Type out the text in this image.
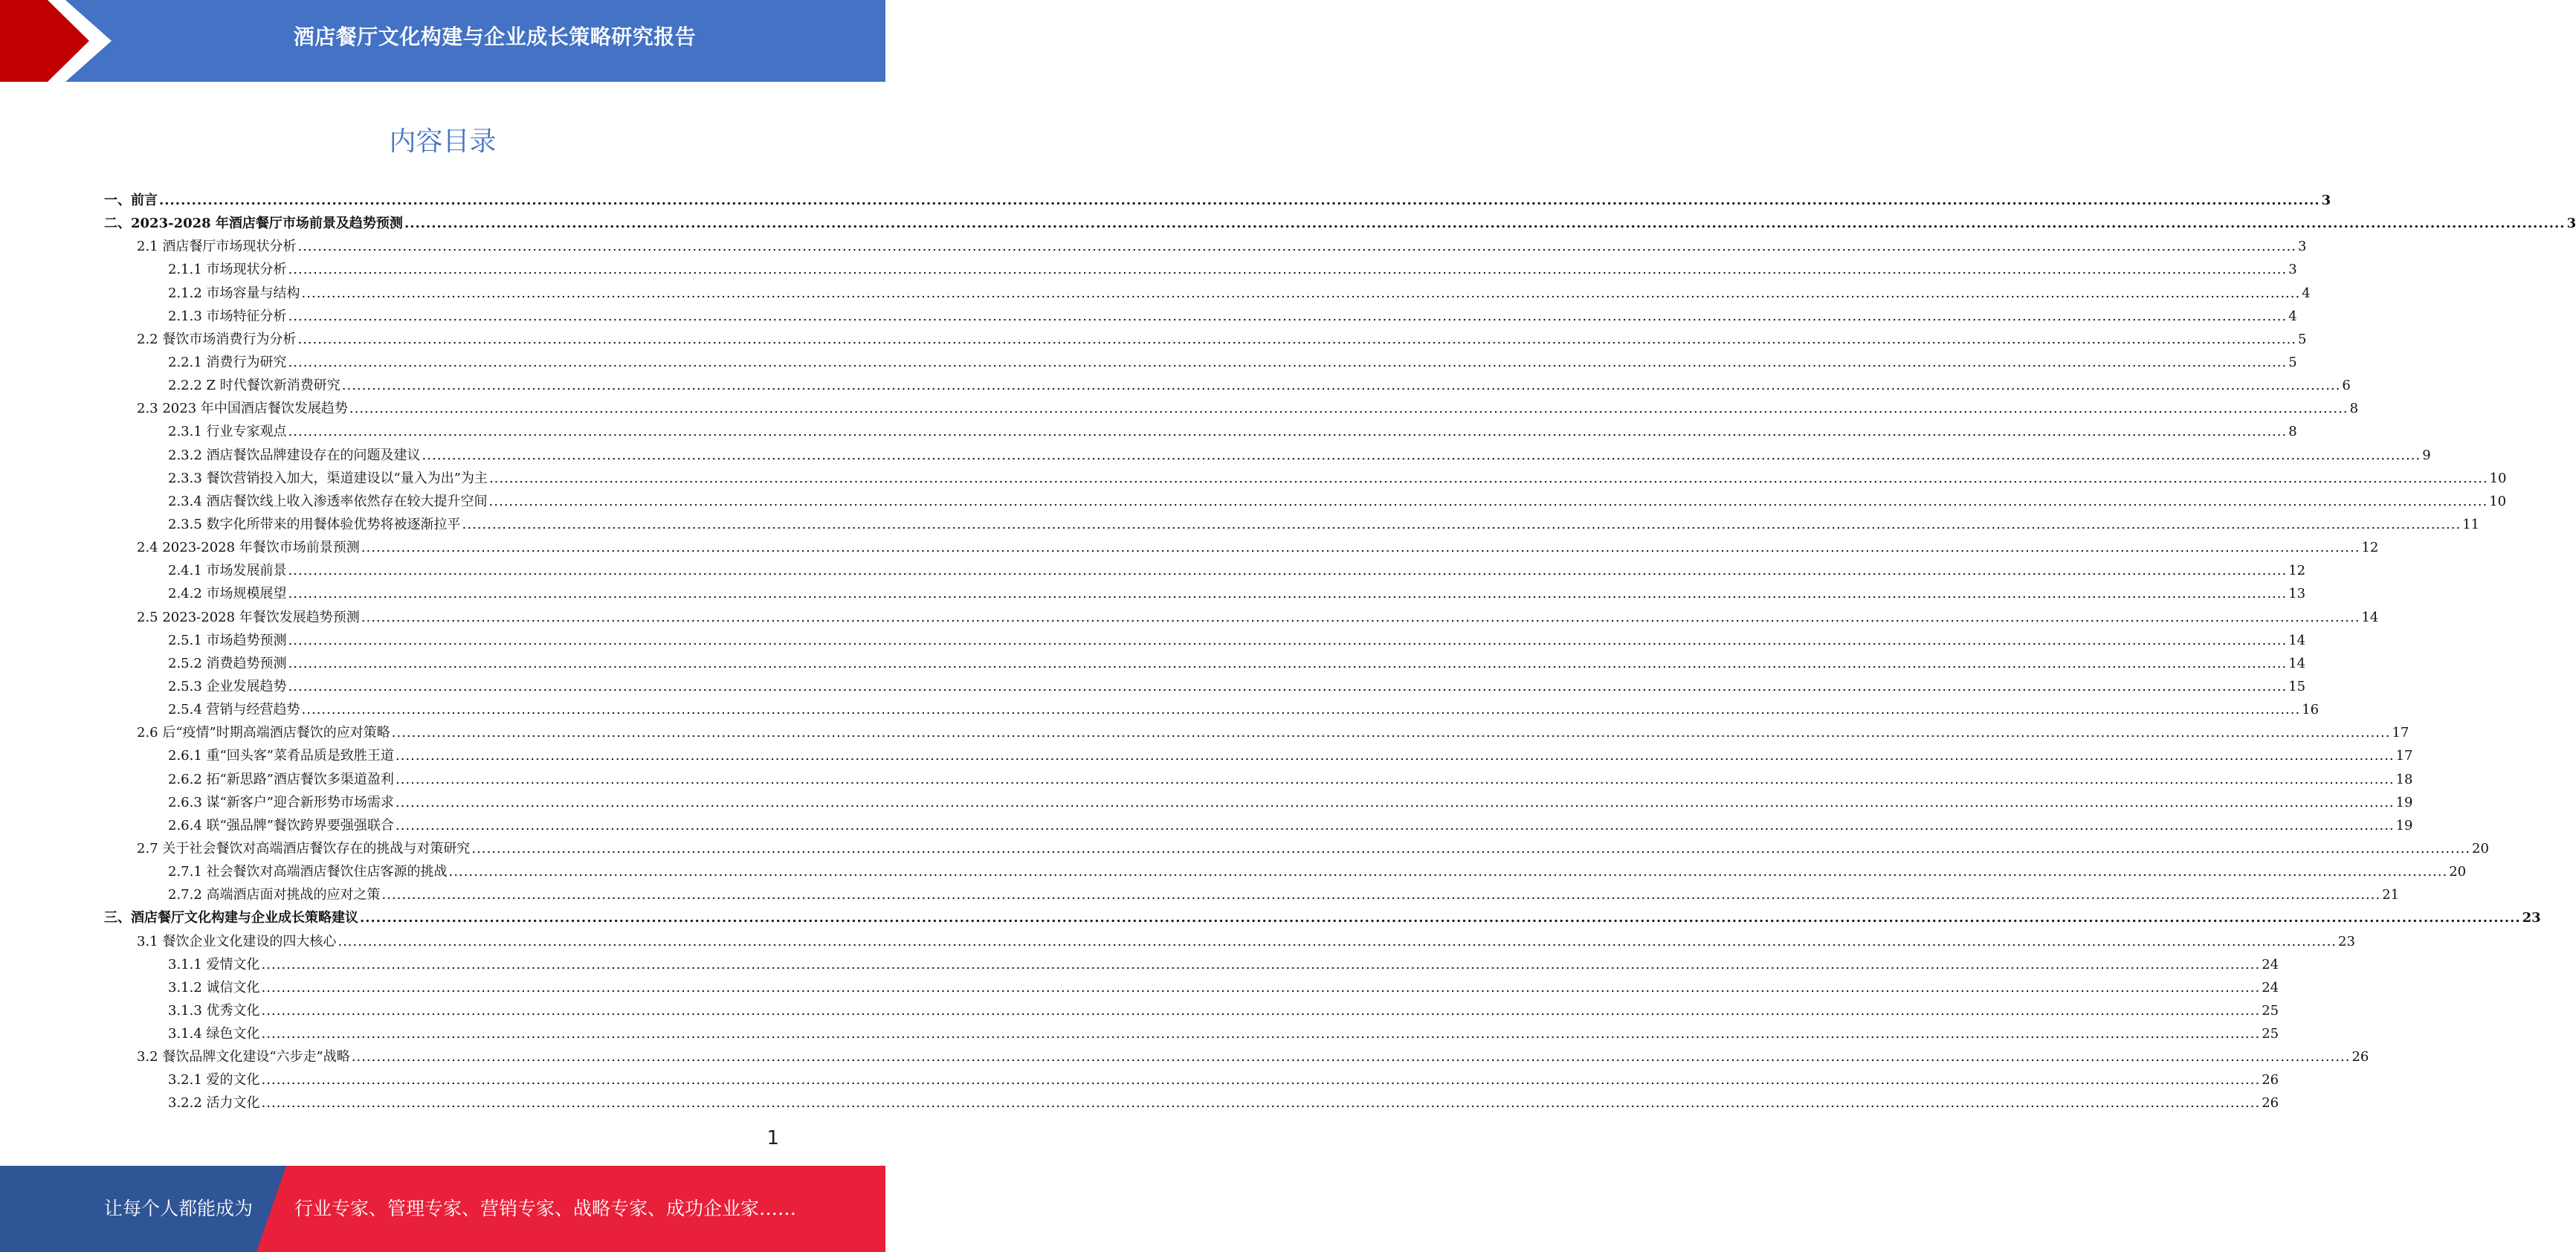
酒店餐厅文化构建与企业成长策略研究报告
内容目录
一、前言 ................................................................................................................................................................................................................................................................................................................................................................................................................ 3
二、2023-2028 年酒店餐厅市场前景及趋势预测 ................................................................................................................................................................................................................................................................................................................................................................................................................ 3
2.1 酒店餐厅市场现状分析 ................................................................................................................................................................................................................................................................................................................................................................................................................ 3
2.1.1 市场现状分析 ................................................................................................................................................................................................................................................................................................................................................................................................................ 3
2.1.2 市场容量与结构 ................................................................................................................................................................................................................................................................................................................................................................................................................ 4
2.1.3 市场特征分析 ................................................................................................................................................................................................................................................................................................................................................................................................................ 4
2.2 餐饮市场消费行为分析 ................................................................................................................................................................................................................................................................................................................................................................................................................ 5
2.2.1 消费行为研究 ................................................................................................................................................................................................................................................................................................................................................................................................................ 5
2.2.2 Z 时代餐饮新消费研究 ................................................................................................................................................................................................................................................................................................................................................................................................................ 6
2.3 2023 年中国酒店餐饮发展趋势 ................................................................................................................................................................................................................................................................................................................................................................................................................ 8
2.3.1 行业专家观点 ................................................................................................................................................................................................................................................................................................................................................................................................................ 8
2.3.2 酒店餐饮品牌建设存在的问题及建议 ................................................................................................................................................................................................................................................................................................................................................................................................................ 9
2.3.3 餐饮营销投入加大，渠道建设以“量入为出”为主 ................................................................................................................................................................................................................................................................................................................................................................................................................ 10
2.3.4 酒店餐饮线上收入渗透率依然存在较大提升空间 ................................................................................................................................................................................................................................................................................................................................................................................................................ 10
2.3.5 数字化所带来的用餐体验优势将被逐渐拉平 ................................................................................................................................................................................................................................................................................................................................................................................................................ 11
2.4 2023-2028 年餐饮市场前景预测 ................................................................................................................................................................................................................................................................................................................................................................................................................ 12
2.4.1 市场发展前景 ................................................................................................................................................................................................................................................................................................................................................................................................................ 12
2.4.2 市场规模展望 ................................................................................................................................................................................................................................................................................................................................................................................................................ 13
2.5 2023-2028 年餐饮发展趋势预测 ................................................................................................................................................................................................................................................................................................................................................................................................................ 14
2.5.1 市场趋势预测 ................................................................................................................................................................................................................................................................................................................................................................................................................ 14
2.5.2 消费趋势预测 ................................................................................................................................................................................................................................................................................................................................................................................................................ 14
2.5.3 企业发展趋势 ................................................................................................................................................................................................................................................................................................................................................................................................................ 15
2.5.4 营销与经营趋势 ................................................................................................................................................................................................................................................................................................................................................................................................................ 16
2.6 后“疫情”时期高端酒店餐饮的应对策略 ................................................................................................................................................................................................................................................................................................................................................................................................................ 17
2.6.1 重“回头客”菜肴品质是致胜王道 ................................................................................................................................................................................................................................................................................................................................................................................................................ 17
2.6.2 拓“新思路”酒店餐饮多渠道盈利 ................................................................................................................................................................................................................................................................................................................................................................................................................ 18
2.6.3 谋“新客户”迎合新形势市场需求 ................................................................................................................................................................................................................................................................................................................................................................................................................ 19
2.6.4 联“强品牌”餐饮跨界要强强联合 ................................................................................................................................................................................................................................................................................................................................................................................................................ 19
2.7 关于社会餐饮对高端酒店餐饮存在的挑战与对策研究 ................................................................................................................................................................................................................................................................................................................................................................................................................ 20
2.7.1 社会餐饮对高端酒店餐饮住店客源的挑战 ................................................................................................................................................................................................................................................................................................................................................................................................................ 20
2.7.2 高端酒店面对挑战的应对之策 ................................................................................................................................................................................................................................................................................................................................................................................................................ 21
三、酒店餐厅文化构建与企业成长策略建议 ................................................................................................................................................................................................................................................................................................................................................................................................................ 23
3.1 餐饮企业文化建设的四大核心 ................................................................................................................................................................................................................................................................................................................................................................................................................ 23
3.1.1 爱情文化 ................................................................................................................................................................................................................................................................................................................................................................................................................ 24
3.1.2 诚信文化 ................................................................................................................................................................................................................................................................................................................................................................................................................ 24
3.1.3 优秀文化 ................................................................................................................................................................................................................................................................................................................................................................................................................ 25
3.1.4 绿色文化 ................................................................................................................................................................................................................................................................................................................................................................................................................ 25
3.2 餐饮品牌文化建设“六步走”战略 ................................................................................................................................................................................................................................................................................................................................................................................................................ 26
3.2.1 爱的文化 ................................................................................................................................................................................................................................................................................................................................................................................................................ 26
3.2.2 活力文化 ................................................................................................................................................................................................................................................................................................................................................................................................................ 26
1
让每个人都能成为 行业专家、管理专家、营销专家、战略专家、成功企业家……
